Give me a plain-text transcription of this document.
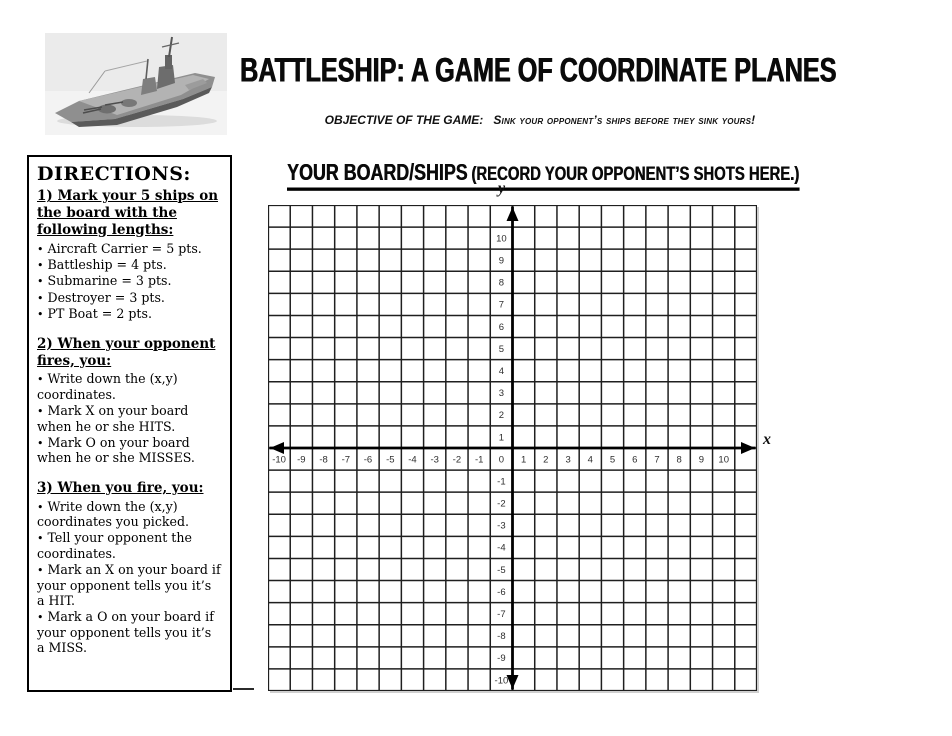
BATTLESHIP: A GAME OF COORDINATE PLANES
OBJECTIVE OF THE GAME: Sink your opponent’s ships before they sink yours!
DIRECTIONS:
1) Mark your 5 ships on the board with the following lengths:
• Aircraft Carrier = 5 pts.
• Battleship = 4 pts.
• Submarine = 3 pts.
• Destroyer = 3 pts.
• PT Boat = 2 pts.
2) When your opponent fires, you:
• Write down the (x,y) coordinates.
• Mark X on your board when he or she HITS.
• Mark O on your board when he or she MISSES.
3) When you fire, you:
• Write down the (x,y) coordinates you picked.
• Tell your opponent the coordinates.
• Mark an X on your board if your opponent tells you it’s a HIT.
• Mark a O on your board if your opponent tells you it’s a MISS.
YOUR BOARD/SHIPS (RECORD YOUR OPPONENT’S SHOTS HERE.)
y
x
-10 -9 -8 -7 -6 -5 -4 -3 -2 -1 0 1 2 3 4 5 6 7 8 9 10
10
9
8
7
6
5
4
3
2
1
-1
-2
-3
-4
-5
-6
-7
-8
-9
-10
